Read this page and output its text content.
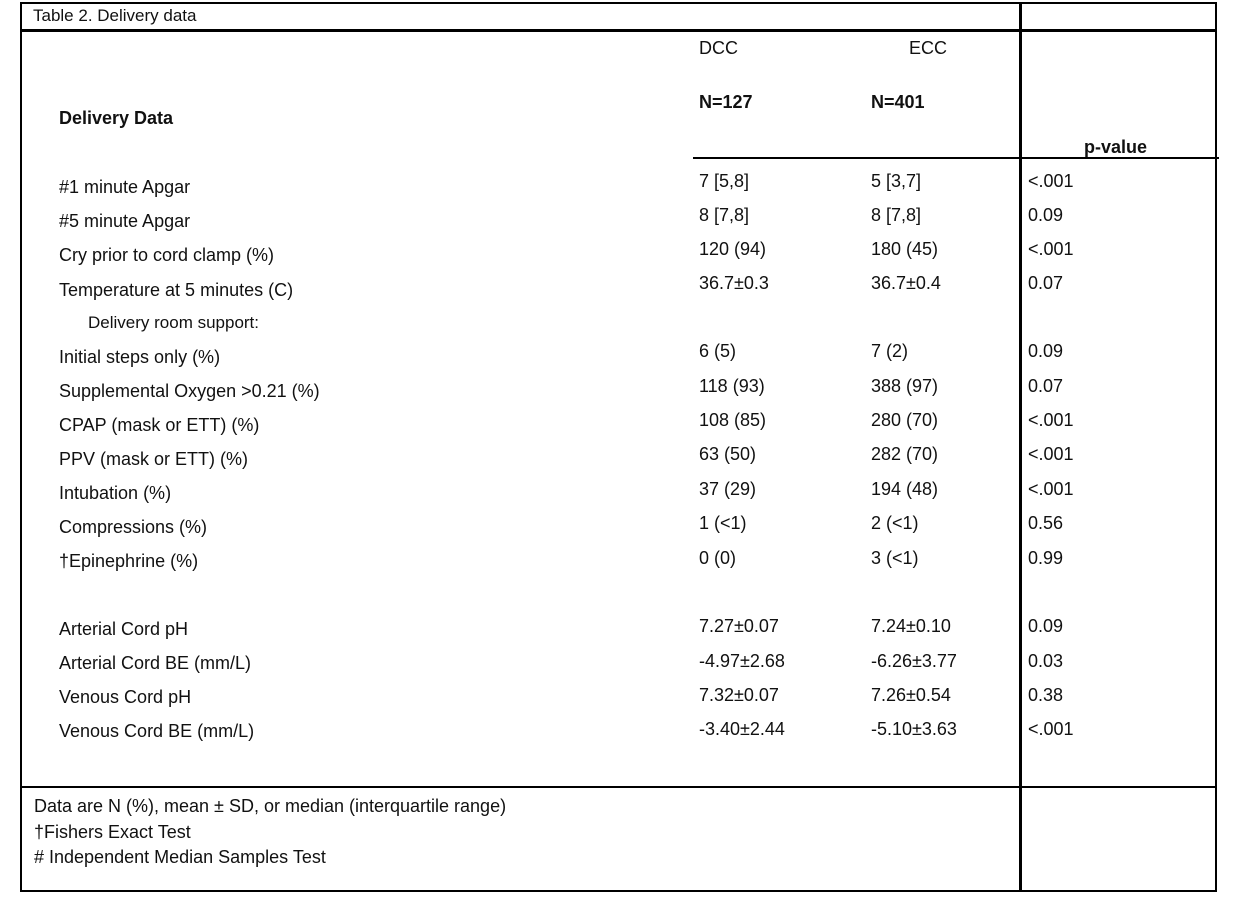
Table 2. Delivery data
DCC	ECC
N=127	N=401
Delivery Data
p-value
#1 minute Apgar	7 [5,8]	5 [3,7]	<.001
#5 minute Apgar	8 [7,8]	8 [7,8]	0.09
Cry prior to cord clamp (%)	120 (94)	180 (45)	<.001
Temperature at 5 minutes (C)	36.7±0.3	36.7±0.4	0.07
Delivery room support:
Initial steps only (%)	6 (5)	7 (2)	0.09
Supplemental Oxygen >0.21 (%)	118 (93)	388 (97)	0.07
CPAP (mask or ETT) (%)	108 (85)	280 (70)	<.001
PPV (mask or ETT) (%)	63 (50)	282 (70)	<.001
Intubation (%)	37 (29)	194 (48)	<.001
Compressions (%)	1 (<1)	2 (<1)	0.56
†Epinephrine (%)	0 (0)	3 (<1)	0.99
Arterial Cord pH	7.27±0.07	7.24±0.10	0.09
Arterial Cord BE (mm/L)	-4.97±2.68	-6.26±3.77	0.03
Venous Cord pH	7.32±0.07	7.26±0.54	0.38
Venous Cord BE (mm/L)	-3.40±2.44	-5.10±3.63	<.001
Data are N (%), mean ± SD, or median (interquartile range)
†Fishers Exact Test
# Independent Median Samples Test
